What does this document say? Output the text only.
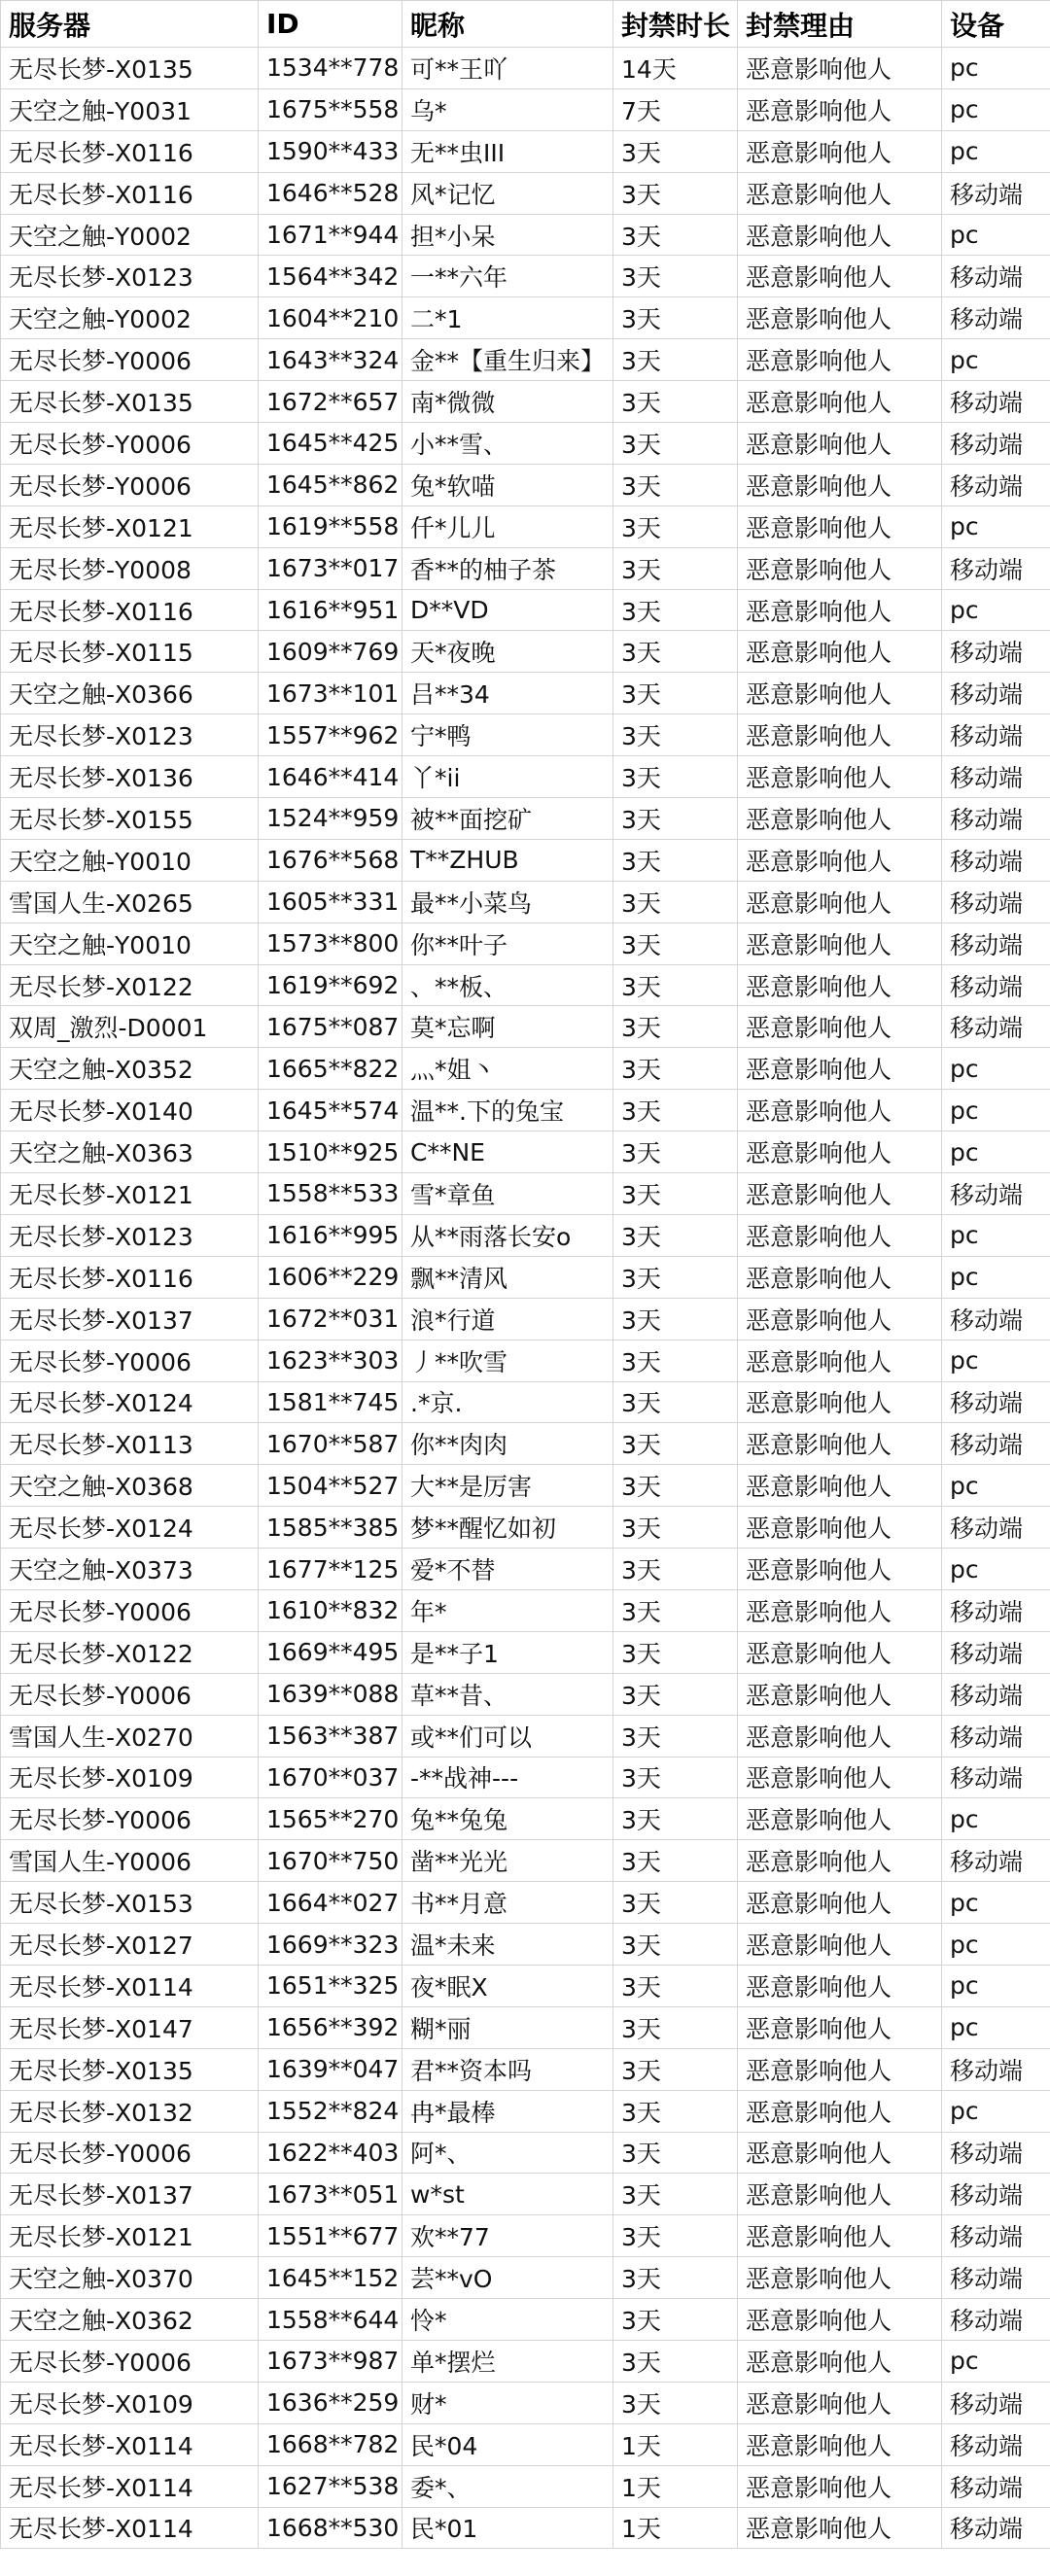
服务器	ID	昵称	封禁时长	封禁理由	设备
无尽长梦-X0135	1534**778	可**王吖	14天	恶意影响他人	pc
天空之触-Y0031	1675**558	乌*	7天	恶意影响他人	pc
无尽长梦-X0116	1590**433	无**虫III	3天	恶意影响他人	pc
无尽长梦-X0116	1646**528	风*记忆	3天	恶意影响他人	移动端
天空之触-Y0002	1671**944	担*小呆	3天	恶意影响他人	pc
无尽长梦-X0123	1564**342	一**六年	3天	恶意影响他人	移动端
天空之触-Y0002	1604**210	二*1	3天	恶意影响他人	移动端
无尽长梦-Y0006	1643**324	金**【重生归来】	3天	恶意影响他人	pc
无尽长梦-X0135	1672**657	南*微微	3天	恶意影响他人	移动端
无尽长梦-Y0006	1645**425	小**雪、	3天	恶意影响他人	移动端
无尽长梦-Y0006	1645**862	兔*软喵	3天	恶意影响他人	移动端
无尽长梦-X0121	1619**558	仟*儿儿	3天	恶意影响他人	pc
无尽长梦-Y0008	1673**017	香**的柚子茶	3天	恶意影响他人	移动端
无尽长梦-X0116	1616**951	D**VD	3天	恶意影响他人	pc
无尽长梦-X0115	1609**769	天*夜晚	3天	恶意影响他人	移动端
天空之触-X0366	1673**101	吕**34	3天	恶意影响他人	移动端
无尽长梦-X0123	1557**962	宁*鸭	3天	恶意影响他人	移动端
无尽长梦-X0136	1646**414	丫*ii	3天	恶意影响他人	移动端
无尽长梦-X0155	1524**959	被**面挖矿	3天	恶意影响他人	移动端
天空之触-Y0010	1676**568	T**ZHUB	3天	恶意影响他人	移动端
雪国人生-X0265	1605**331	最**小菜鸟	3天	恶意影响他人	移动端
天空之触-Y0010	1573**800	你**叶子	3天	恶意影响他人	移动端
无尽长梦-X0122	1619**692	、**板、	3天	恶意影响他人	移动端
双周_激烈-D0001	1675**087	莫*忘啊	3天	恶意影响他人	移动端
天空之触-X0352	1665**822	灬*姐丶	3天	恶意影响他人	pc
无尽长梦-X0140	1645**574	温**.下的兔宝	3天	恶意影响他人	pc
天空之触-X0363	1510**925	C**NE	3天	恶意影响他人	pc
无尽长梦-X0121	1558**533	雪*章鱼	3天	恶意影响他人	移动端
无尽长梦-X0123	1616**995	从**雨落长安o	3天	恶意影响他人	pc
无尽长梦-X0116	1606**229	飘**清风	3天	恶意影响他人	pc
无尽长梦-X0137	1672**031	浪*行道	3天	恶意影响他人	移动端
无尽长梦-Y0006	1623**303	丿**吹雪	3天	恶意影响他人	pc
无尽长梦-X0124	1581**745	.*京.	3天	恶意影响他人	移动端
无尽长梦-X0113	1670**587	你**肉肉	3天	恶意影响他人	移动端
天空之触-X0368	1504**527	大**是厉害	3天	恶意影响他人	pc
无尽长梦-X0124	1585**385	梦**醒忆如初	3天	恶意影响他人	移动端
天空之触-X0373	1677**125	爱*不替	3天	恶意影响他人	pc
无尽长梦-Y0006	1610**832	年*	3天	恶意影响他人	移动端
无尽长梦-X0122	1669**495	是**子1	3天	恶意影响他人	移动端
无尽长梦-Y0006	1639**088	草**昔、	3天	恶意影响他人	移动端
雪国人生-X0270	1563**387	或**们可以	3天	恶意影响他人	移动端
无尽长梦-X0109	1670**037	-**战神---	3天	恶意影响他人	移动端
无尽长梦-Y0006	1565**270	兔**兔兔	3天	恶意影响他人	pc
雪国人生-Y0006	1670**750	凿**光光	3天	恶意影响他人	移动端
无尽长梦-X0153	1664**027	书**月意	3天	恶意影响他人	pc
无尽长梦-X0127	1669**323	温*未来	3天	恶意影响他人	pc
无尽长梦-X0114	1651**325	夜*眠X	3天	恶意影响他人	pc
无尽长梦-X0147	1656**392	糊*丽	3天	恶意影响他人	pc
无尽长梦-X0135	1639**047	君**资本吗	3天	恶意影响他人	移动端
无尽长梦-X0132	1552**824	冉*最棒	3天	恶意影响他人	pc
无尽长梦-Y0006	1622**403	阿*、	3天	恶意影响他人	移动端
无尽长梦-X0137	1673**051	w*st	3天	恶意影响他人	移动端
无尽长梦-X0121	1551**677	欢**77	3天	恶意影响他人	移动端
天空之触-X0370	1645**152	芸**vO	3天	恶意影响他人	移动端
天空之触-X0362	1558**644	怜*	3天	恶意影响他人	移动端
无尽长梦-Y0006	1673**987	单*摆烂	3天	恶意影响他人	pc
无尽长梦-X0109	1636**259	财*	3天	恶意影响他人	移动端
无尽长梦-X0114	1668**782	民*04	1天	恶意影响他人	移动端
无尽长梦-X0114	1627**538	委*、	1天	恶意影响他人	移动端
无尽长梦-X0114	1668**530	民*01	1天	恶意影响他人	移动端
